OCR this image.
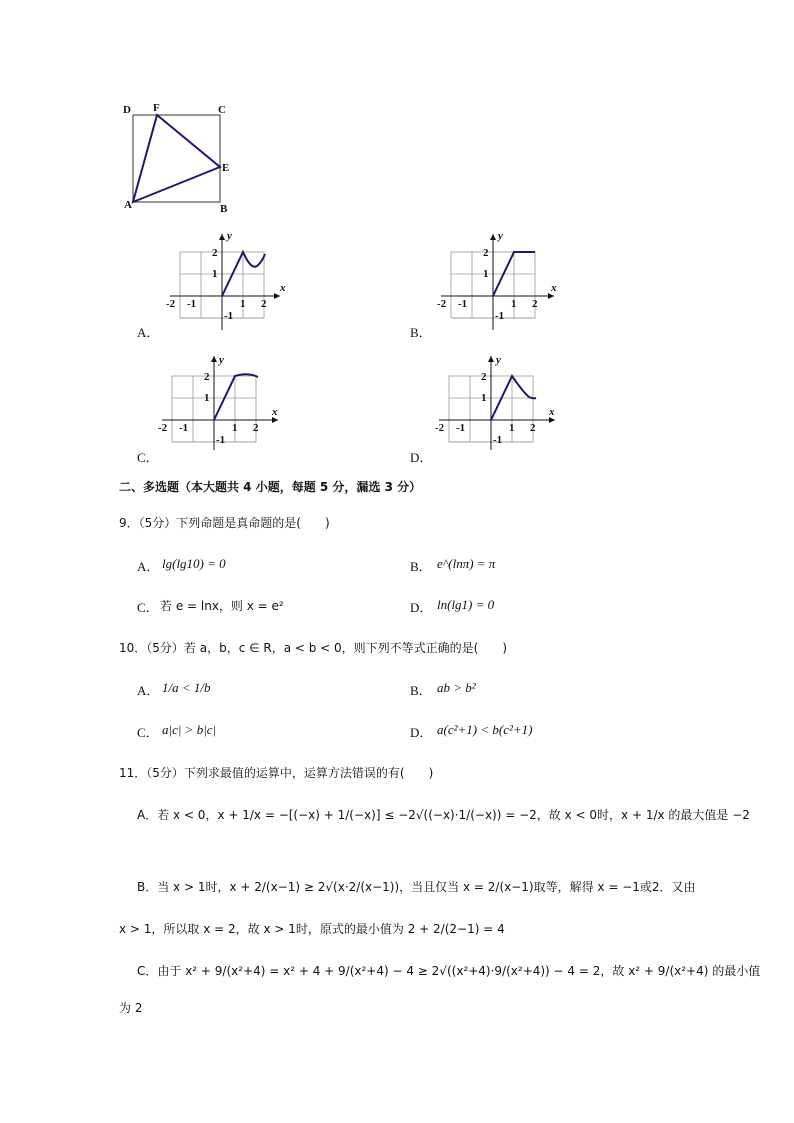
D F	C
E
A	B
A．	B．
C．	D．
-2 -1	1 2
2
1
-1
x
y
-2 -1	1 2
2
1
-1
x
y
-2 -1	1 2
2
1
-1
x
y
-2 -1	1 2
2
1
-1
x
y
二、多选题（本大题共 4 小题，每题 5 分，漏选 3 分）
9．（5分）下列命题是真命题的是(　　)
A． lg(lg10) = 0	B． e^(lnπ) = π
C． 若 e = lnx，则 x = e²	D． ln(lg1) = 0
10．（5分）若 a，b，c ∈ R，a < b < 0，则下列不等式正确的是(　　)
A． 1/a < 1/b	B． ab > b²
C． a|c| > b|c|	D． a(c²+1) < b(c²+1)
11．（5分）下列求最值的运算中，运算方法错误的有(　　)
A．若 x < 0，x + 1/x = −[(−x) + 1/(−x)] ≤ −2√((−x)·1/(−x)) = −2，故 x < 0时，x + 1/x 的最大值是 −2
B．当 x > 1时，x + 2/(x−1) ≥ 2√(x·2/(x−1))，当且仅当 x = 2/(x−1)取等，解得 x = −1或2．又由
x > 1，所以取 x = 2，故 x > 1时，原式的最小值为 2 + 2/(2−1) = 4
C．由于 x² + 9/(x²+4) = x² + 4 + 9/(x²+4) − 4 ≥ 2√((x²+4)·9/(x²+4)) − 4 = 2，故 x² + 9/(x²+4) 的最小值
为 2
